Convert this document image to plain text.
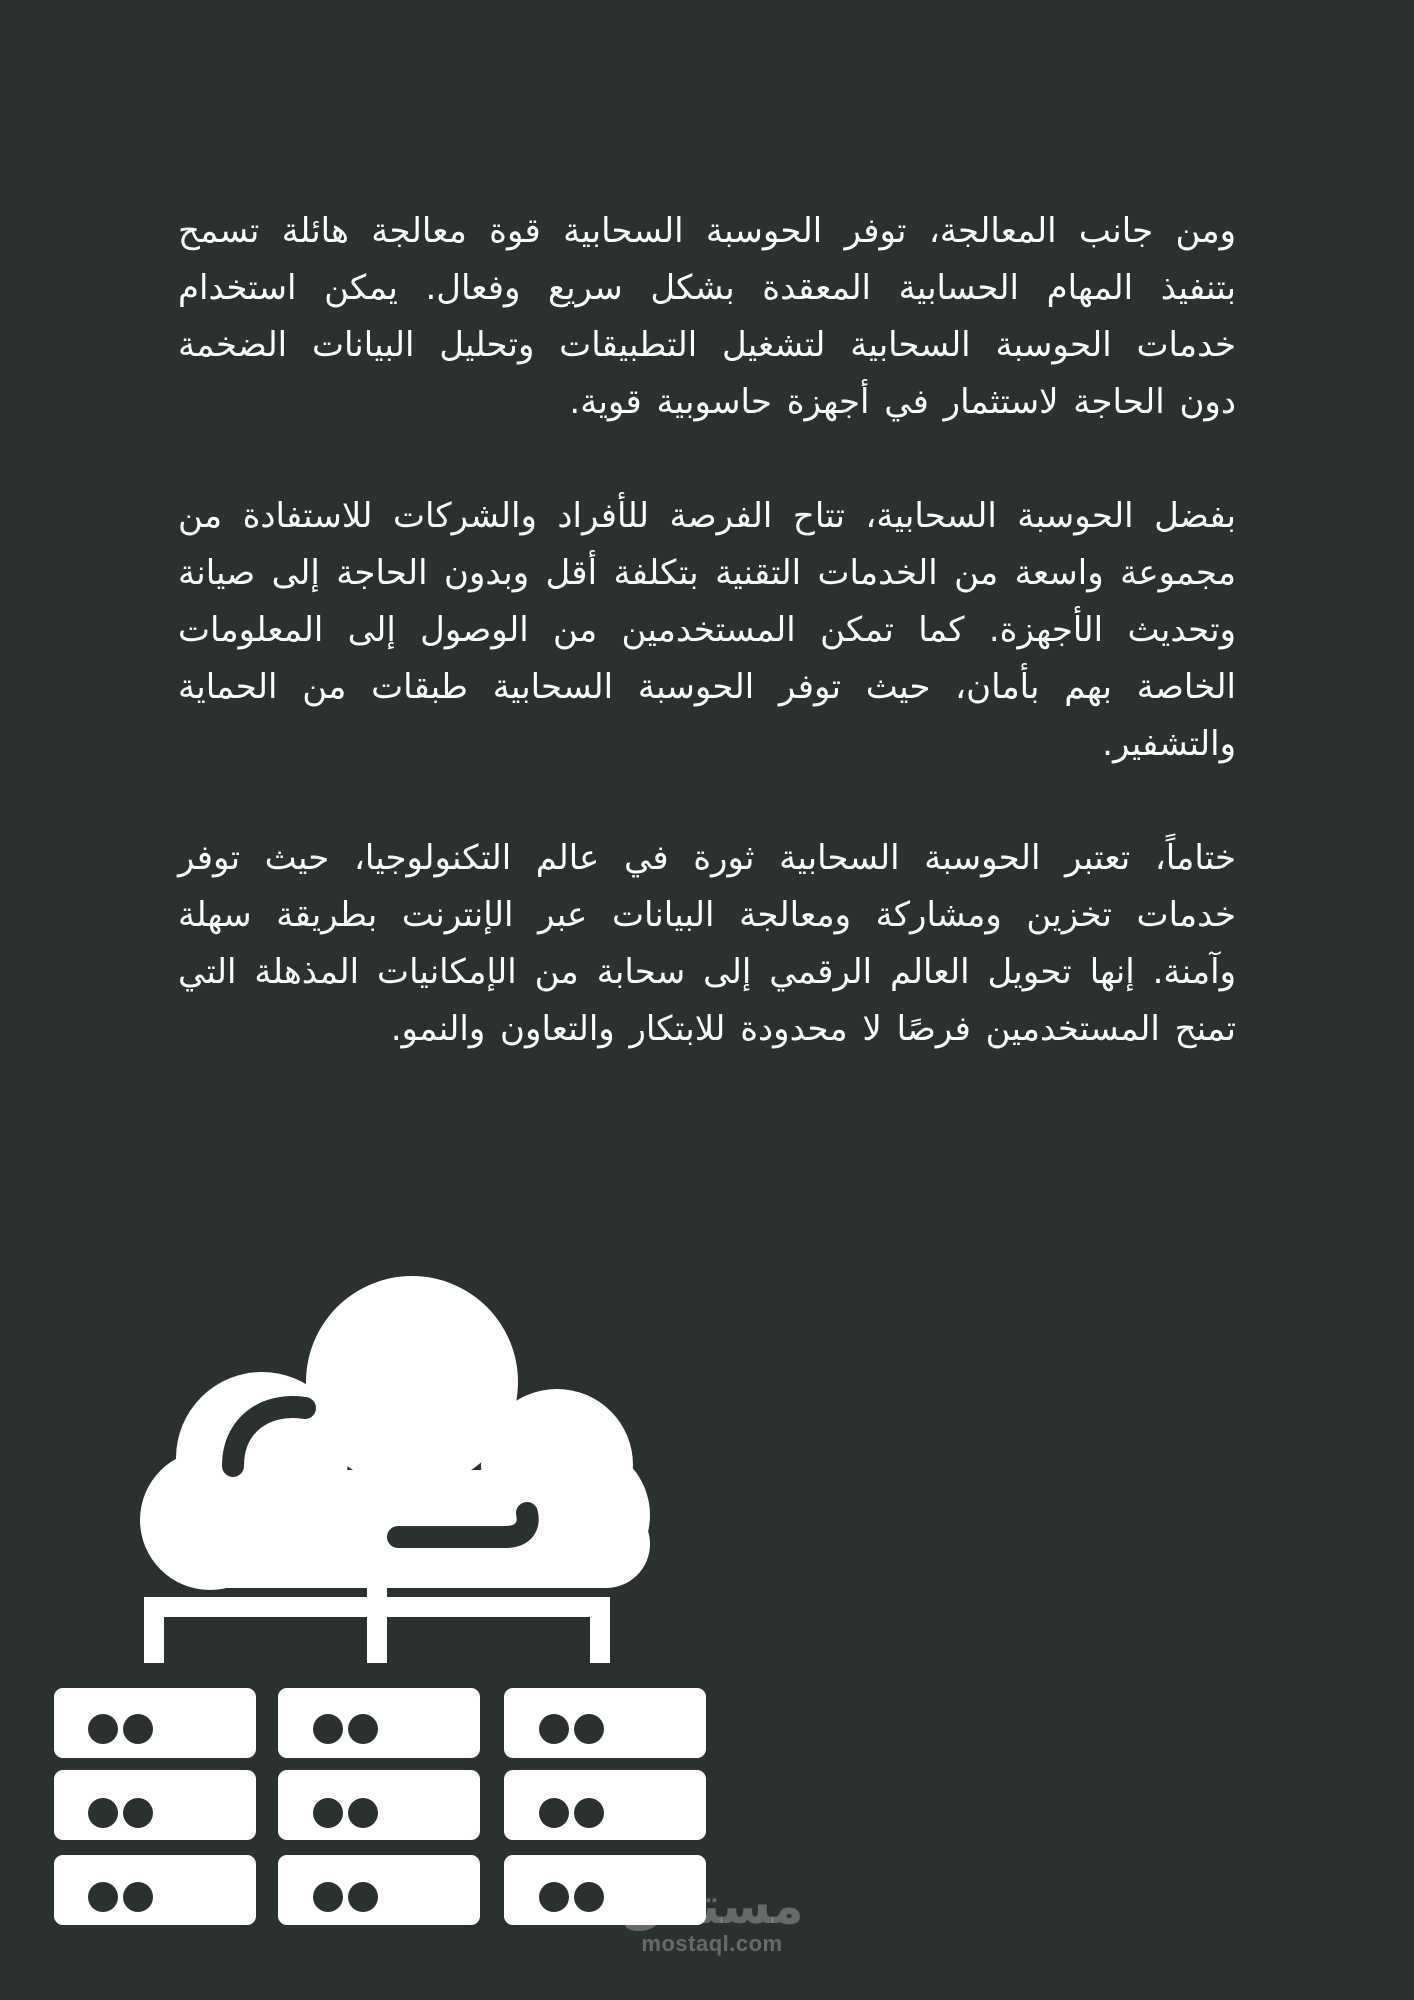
ومن جانب المعالجة، توفر الحوسبة السحابية قوة معالجة هائلة تسمح بتنفيذ المهام الحسابية المعقدة بشكل سريع وفعال. يمكن استخدام خدمات الحوسبة السحابية لتشغيل التطبيقات وتحليل البيانات الضخمة دون الحاجة لاستثمار في أجهزة حاسوبية قوية.

بفضل الحوسبة السحابية، تتاح الفرصة للأفراد والشركات للاستفادة من مجموعة واسعة من الخدمات التقنية بتكلفة أقل وبدون الحاجة إلى صيانة وتحديث الأجهزة. كما تمكن المستخدمين من الوصول إلى المعلومات الخاصة بهم بأمان، حيث توفر الحوسبة السحابية طبقات من الحماية والتشفير.

ختاماً، تعتبر الحوسبة السحابية ثورة في عالم التكنولوجيا، حيث توفر خدمات تخزين ومشاركة ومعالجة البيانات عبر الإنترنت بطريقة سهلة وآمنة. إنها تحويل العالم الرقمي إلى سحابة من الإمكانيات المذهلة التي تمنح المستخدمين فرصًا لا محدودة للابتكار والتعاون والنمو.

مستقل
mostaql.com
